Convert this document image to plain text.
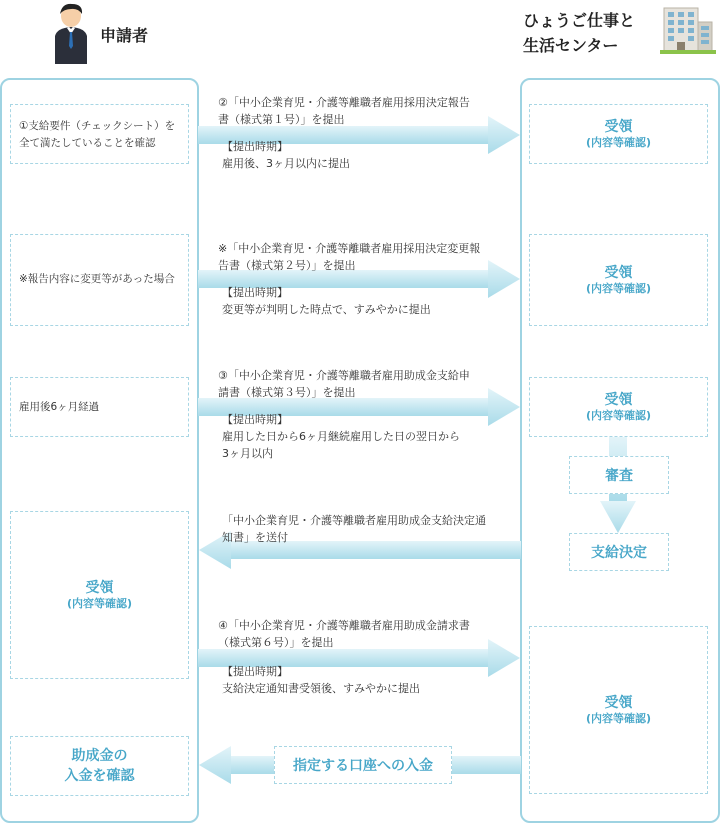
申請者
ひょうご仕事と
生活センター
①支給要件（チェックシート）を全て満たしていることを確認
※報告内容に変更等があった場合
雇用後6ヶ月経過
受領
(内容等確認)
助成金の
入金を確認
受領
(内容等確認)
受領
(内容等確認)
受領
(内容等確認)
審査
支給決定
受領
(内容等確認)
指定する口座への入金
②「中小企業育児・介護等離職者雇用採用決定報告
書（様式第１号）」を提出
【提出時期】
雇用後、3ヶ月以内に提出
※「中小企業育児・介護等離職者雇用採用決定変更報
告書（様式第２号）」を提出
【提出時期】
変更等が判明した時点で、すみやかに提出
③「中小企業育児・介護等離職者雇用助成金支給申
請書（様式第３号）」を提出
【提出時期】
雇用した日から6ヶ月継続雇用した日の翌日から
3ヶ月以内
「中小企業育児・介護等離職者雇用助成金支給決定通
知書」を送付
④「中小企業育児・介護等離職者雇用助成金請求書
（様式第６号）」を提出
【提出時期】
支給決定通知書受領後、すみやかに提出
